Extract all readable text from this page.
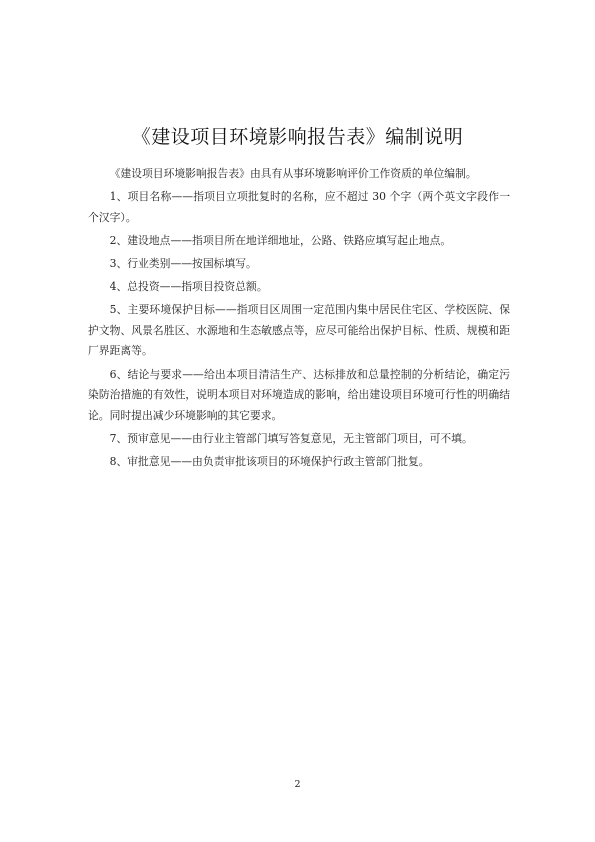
《建设项目环境影响报告表》编制说明

《建设项目环境影响报告表》由具有从事环境影响评价工作资质的单位编制。

1、项目名称——指项目立项批复时的名称，应不超过 30 个字（两个英文字段作一个汉字）。

2、建设地点——指项目所在地详细地址，公路、铁路应填写起止地点。

3、行业类别——按国标填写。

4、总投资——指项目投资总额。

5、主要环境保护目标——指项目区周围一定范围内集中居民住宅区、学校医院、保护文物、风景名胜区、水源地和生态敏感点等，应尽可能给出保护目标、性质、规模和距厂界距离等。

6、结论与要求——给出本项目清洁生产、达标排放和总量控制的分析结论，确定污染防治措施的有效性，说明本项目对环境造成的影响，给出建设项目环境可行性的明确结论。同时提出减少环境影响的其它要求。

7、预审意见——由行业主管部门填写答复意见，无主管部门项目，可不填。

8、审批意见——由负责审批该项目的环境保护行政主管部门批复。

2
